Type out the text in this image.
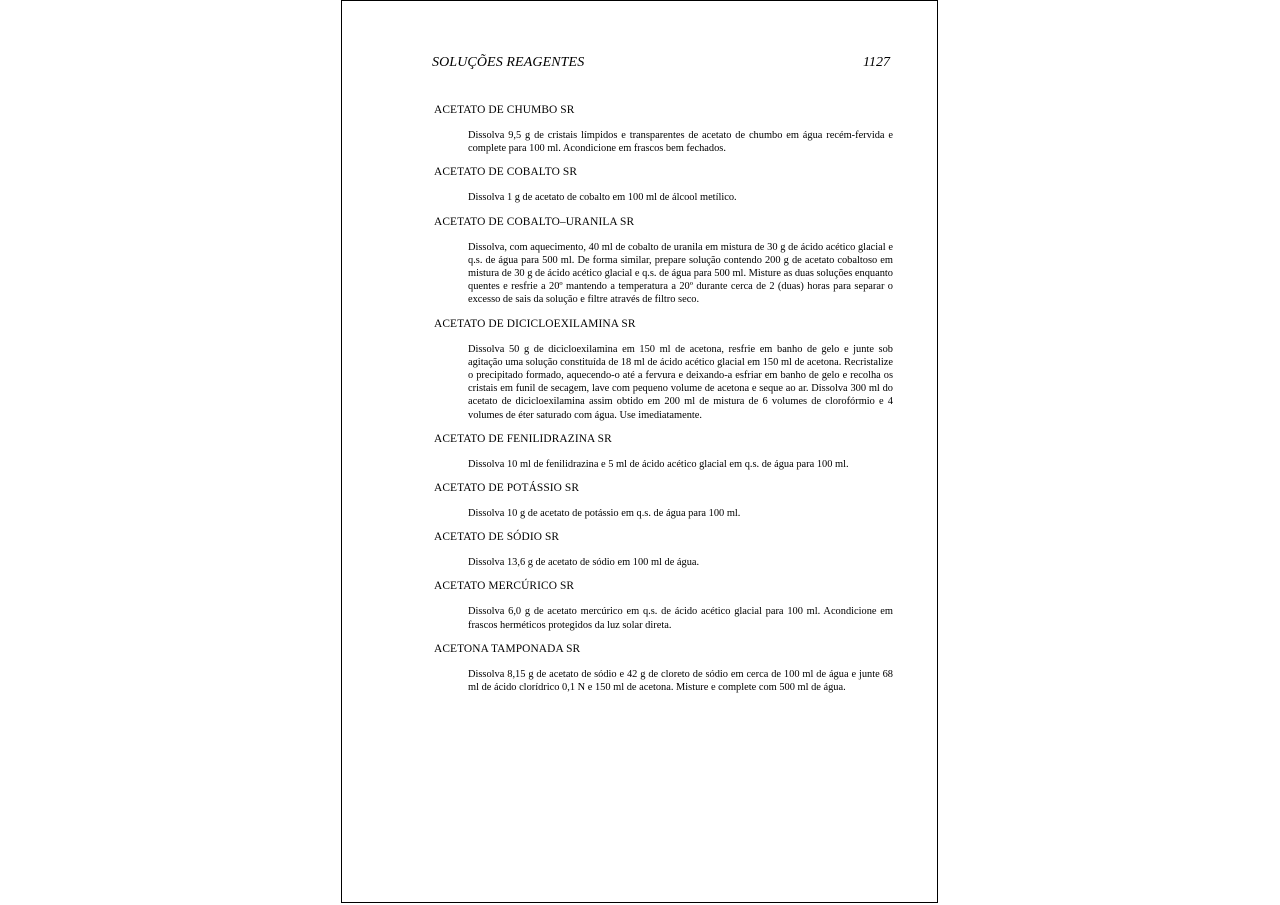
SOLUÇÕES REAGENTES	1127
ACETATO DE CHUMBO SR
Dissolva 9,5 g de cristais límpidos e transparentes de acetato de chumbo em água recém-fervida e complete para 100 ml. Acondicione em frascos bem fechados.
ACETATO DE COBALTO SR
Dissolva 1 g de acetato de cobalto em 100 ml de álcool metílico.
ACETATO DE COBALTO–URANILA SR
Dissolva, com aquecimento, 40 ml de cobalto de uranila em mistura de 30 g de ácido acético glacial e q.s. de água para 500 ml. De forma similar, prepare solução contendo 200 g de acetato cobaltoso em mistura de 30 g de ácido acético glacial e q.s. de água para 500 ml. Misture as duas soluções enquanto quentes e resfrie a 20º mantendo a temperatura a 20º durante cerca de 2 (duas) horas para separar o excesso de sais da solução e filtre através de filtro seco.
ACETATO DE DICICLOEXILAMINA SR
Dissolva 50 g de dicicloexilamina em 150 ml de acetona, resfrie em banho de gelo e junte sob agitação uma solução constituída de 18 ml de ácido acético glacial em 150 ml de acetona. Recristalize o precipitado formado, aquecendo-o até a fervura e deixando-a esfriar em banho de gelo e recolha os cristais em funil de secagem, lave com pequeno volume de acetona e seque ao ar. Dissolva 300 ml do acetato de dicicloexilamina assim obtido em 200 ml de mistura de 6 volumes de clorofórmio e 4 volumes de éter saturado com água. Use imediatamente.
ACETATO DE FENILIDRAZINA SR
Dissolva 10 ml de fenilidrazina e 5 ml de ácido acético glacial em q.s. de água para 100 ml.
ACETATO DE POTÁSSIO SR
Dissolva 10 g de acetato de potássio em q.s. de água para 100 ml.
ACETATO DE SÓDIO SR
Dissolva 13,6 g de acetato de sódio em 100 ml de água.
ACETATO MERCÚRICO SR
Dissolva 6,0 g de acetato mercúrico em q.s. de ácido acético glacial para 100 ml. Acondicione em frascos herméticos protegidos da luz solar direta.
ACETONA TAMPONADA SR
Dissolva 8,15 g de acetato de sódio e 42 g de cloreto de sódio em cerca de 100 ml de água e junte 68 ml de ácido clorídrico 0,1 N e 150 ml de acetona. Misture e complete com 500 ml de água.
